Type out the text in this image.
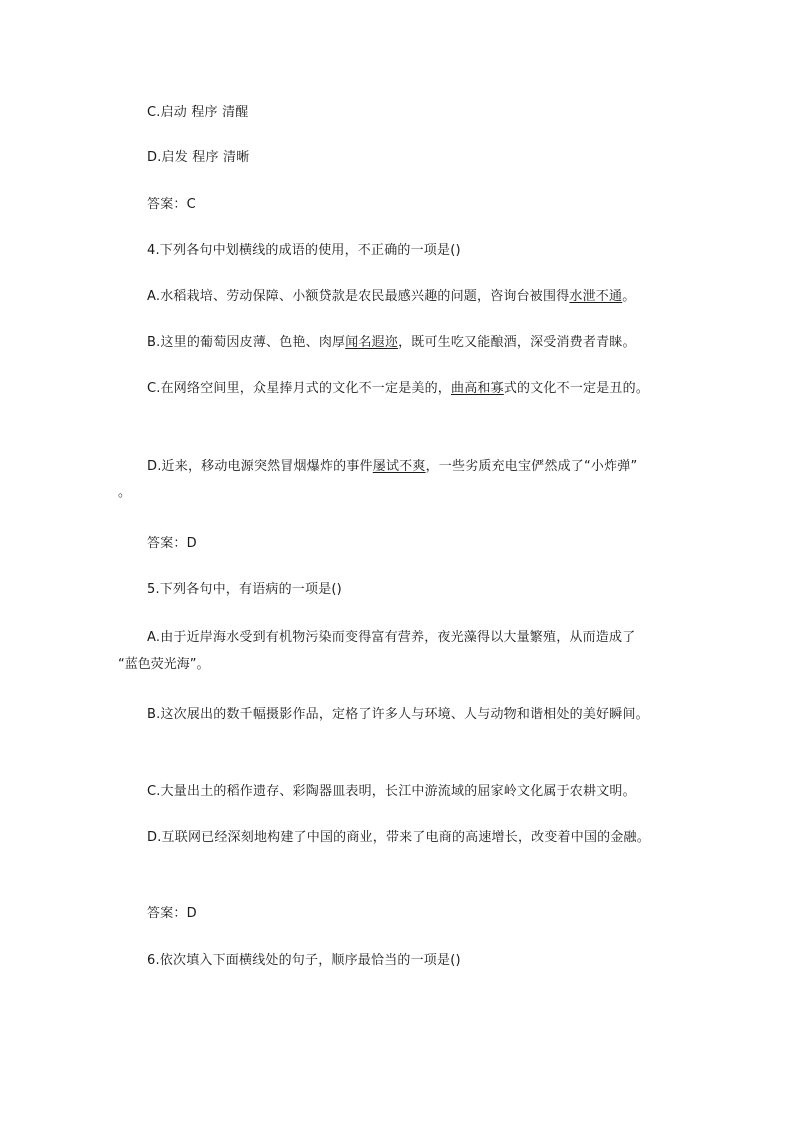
C.启动 程序 清醒
D.启发 程序 清晰
答案：C
4.下列各句中划横线的成语的使用，不正确的一项是()
A.水稻栽培、劳动保障、小额贷款是农民最感兴趣的问题，咨询台被围得水泄不通。
B.这里的葡萄因皮薄、色艳、肉厚闻名遐迩，既可生吃又能酿酒，深受消费者青睐。
C.在网络空间里，众星捧月式的文化不一定是美的，曲高和寡式的文化不一定是丑的。
D.近来，移动电源突然冒烟爆炸的事件屡试不爽，一些劣质充电宝俨然成了“小炸弹”
。
答案：D
5.下列各句中，有语病的一项是()
A.由于近岸海水受到有机物污染而变得富有营养，夜光藻得以大量繁殖，从而造成了
“蓝色荧光海”。
B.这次展出的数千幅摄影作品，定格了许多人与环境、人与动物和谐相处的美好瞬间。
C.大量出土的稻作遗存、彩陶器皿表明，长江中游流域的屈家岭文化属于农耕文明。
D.互联网已经深刻地构建了中国的商业，带来了电商的高速增长，改变着中国的金融。
答案：D
6.依次填入下面横线处的句子，顺序最恰当的一项是()
